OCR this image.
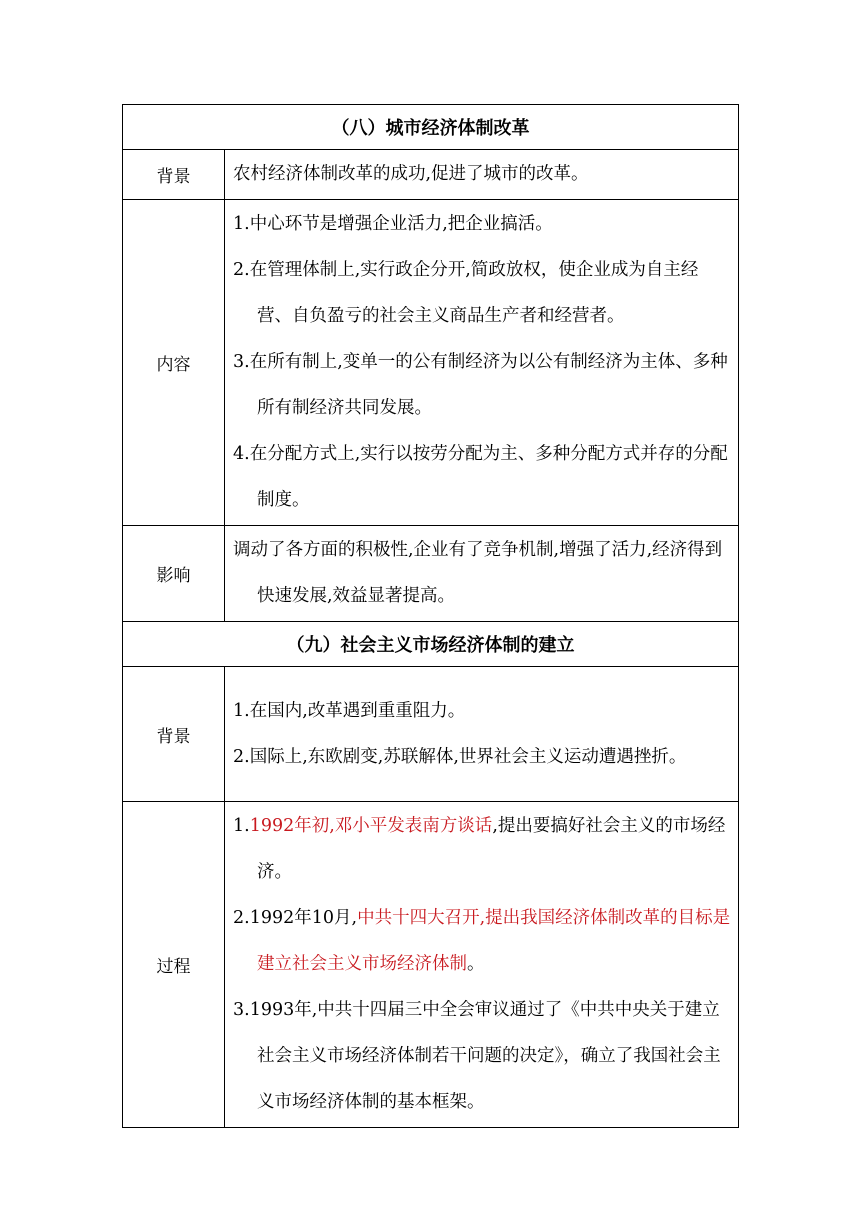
（八）城市经济体制改革	
背景	农村经济体制改革的成功,促进了城市的改革。

内容	1.中心环节是增强企业活力,把企业搞活。
2.在管理体制上,实行政企分开,简政放权，使企业成为自主经营、自负盈亏的社会主义商品生产者和经营者。
3.在所有制上,变单一的公有制经济为以公有制经济为主体、多种所有制经济共同发展。
4.在分配方式上,实行以按劳分配为主、多种分配方式并存的分配制度。

影响	调动了各方面的积极性,企业有了竞争机制,增强了活力,经济得到快速发展,效益显著提高。

（九）社会主义市场经济体制的建立	
背景	1.在国内,改革遇到重重阻力。
2.国际上,东欧剧变,苏联解体,世界社会主义运动遭遇挫折。

过程	1.1992年初,邓小平发表南方谈话,提出要搞好社会主义的市场经济。
2.1992年10月,中共十四大召开,提出我国经济体制改革的目标是建立社会主义市场经济体制。
3.1993年,中共十四届三中全会审议通过了《中共中央关于建立社会主义市场经济体制若干问题的决定》，确立了我国社会主义市场经济体制的基本框架。
